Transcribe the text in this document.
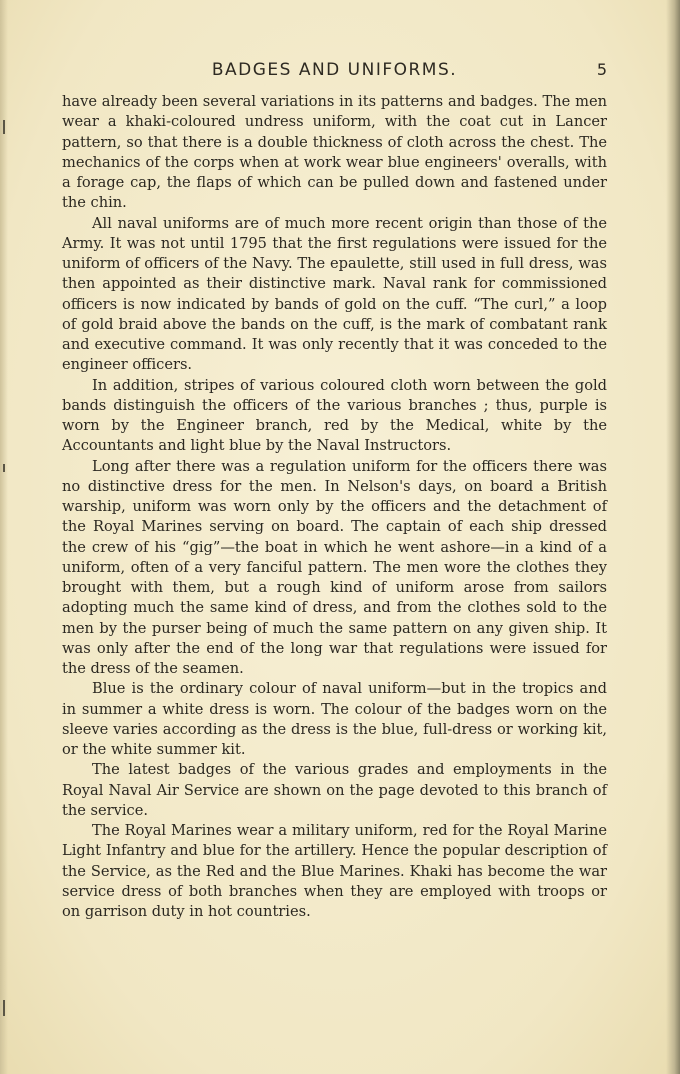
BADGES AND UNIFORMS.	5

have already been several variations in its patterns and badges. The men wear a khaki-coloured undress uniform, with the coat cut in Lancer pattern, so that there is a double thickness of cloth across the chest. The mechanics of the corps when at work wear blue engineers' overalls, with a forage cap, the flaps of which can be pulled down and fastened under the chin.

All naval uniforms are of much more recent origin than those of the Army. It was not until 1795 that the first regulations were issued for the uniform of officers of the Navy. The epaulette, still used in full dress, was then appointed as their distinctive mark. Naval rank for commissioned officers is now indicated by bands of gold on the cuff. “The curl,” a loop of gold braid above the bands on the cuff, is the mark of combatant rank and executive command. It was only recently that it was conceded to the engineer officers.

In addition, stripes of various coloured cloth worn between the gold bands distinguish the officers of the various branches ; thus, purple is worn by the Engineer branch, red by the Medical, white by the Accountants and light blue by the Naval Instructors.

Long after there was a regulation uniform for the officers there was no distinctive dress for the men. In Nelson's days, on board a British warship, uniform was worn only by the officers and the detachment of the Royal Marines serving on board. The captain of each ship dressed the crew of his “gig”—the boat in which he went ashore—in a kind of a uniform, often of a very fanciful pattern. The men wore the clothes they brought with them, but a rough kind of uniform arose from sailors adopting much the same kind of dress, and from the clothes sold to the men by the purser being of much the same pattern on any given ship. It was only after the end of the long war that regulations were issued for the dress of the seamen.

Blue is the ordinary colour of naval uniform—but in the tropics and in summer a white dress is worn. The colour of the badges worn on the sleeve varies according as the dress is the blue, full-dress or working kit, or the white summer kit.

The latest badges of the various grades and employments in the Royal Naval Air Service are shown on the page devoted to this branch of the service.

The Royal Marines wear a military uniform, red for the Royal Marine Light Infantry and blue for the artillery. Hence the popular description of the Service, as the Red and the Blue Marines. Khaki has become the war service dress of both branches when they are employed with troops or on garrison duty in hot countries.
